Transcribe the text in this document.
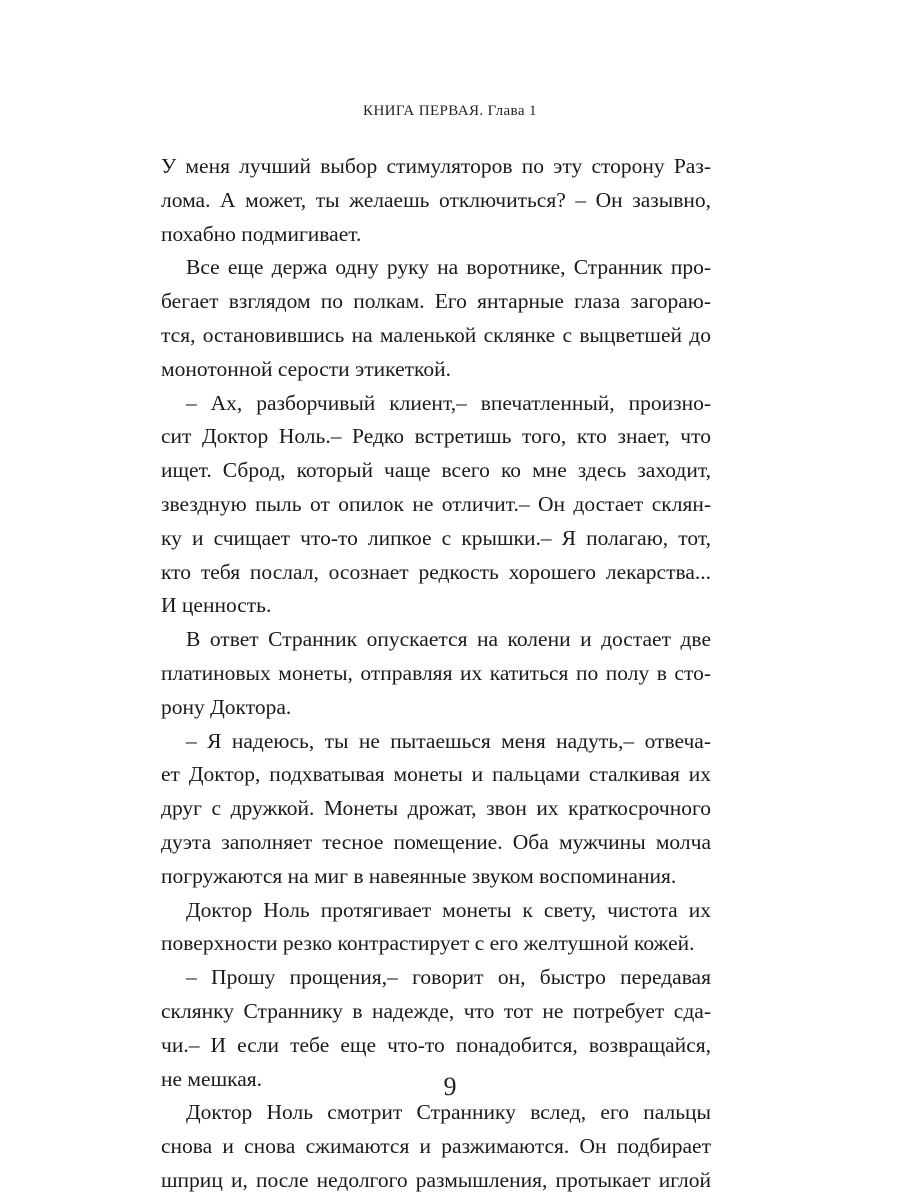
КНИГА ПЕРВАЯ. Глава 1
У меня лучший выбор стимуляторов по эту сторону Раз-
лома. А может, ты желаешь отключиться? – Он зазывно,
похабно подмигивает.
Все еще держа одну руку на воротнике, Странник про-
бегает взглядом по полкам. Его янтарные глаза загораю-
тся, остановившись на маленькой склянке с выцветшей до
монотонной серости этикеткой.
– Ах, разборчивый клиент,– впечатленный, произно-
сит Доктор Ноль.– Редко встретишь того, кто знает, что
ищет. Сброд, который чаще всего ко мне здесь заходит,
звездную пыль от опилок не отличит.– Он достает склян-
ку и счищает что-то липкое с крышки.– Я полагаю, тот,
кто тебя послал, осознает редкость хорошего лекарства...
И ценность.
В ответ Странник опускается на колени и достает две
платиновых монеты, отправляя их катиться по полу в сто-
рону Доктора.
– Я надеюсь, ты не пытаешься меня надуть,– отвеча-
ет Доктор, подхватывая монеты и пальцами сталкивая их
друг с дружкой. Монеты дрожат, звон их краткосрочного
дуэта заполняет тесное помещение. Оба мужчины молча
погружаются на миг в навеянные звуком воспоминания.
Доктор Ноль протягивает монеты к свету, чистота их
поверхности резко контрастирует с его желтушной кожей.
– Прошу прощения,– говорит он, быстро передавая
склянку Страннику в надежде, что тот не потребует сда-
чи.– И если тебе еще что-то понадобится, возвращайся,
не мешкая.
Доктор Ноль смотрит Страннику вслед, его пальцы
снова и снова сжимаются и разжимаются. Он подбирает
шприц и, после недолгого размышления, протыкает иглой
9
